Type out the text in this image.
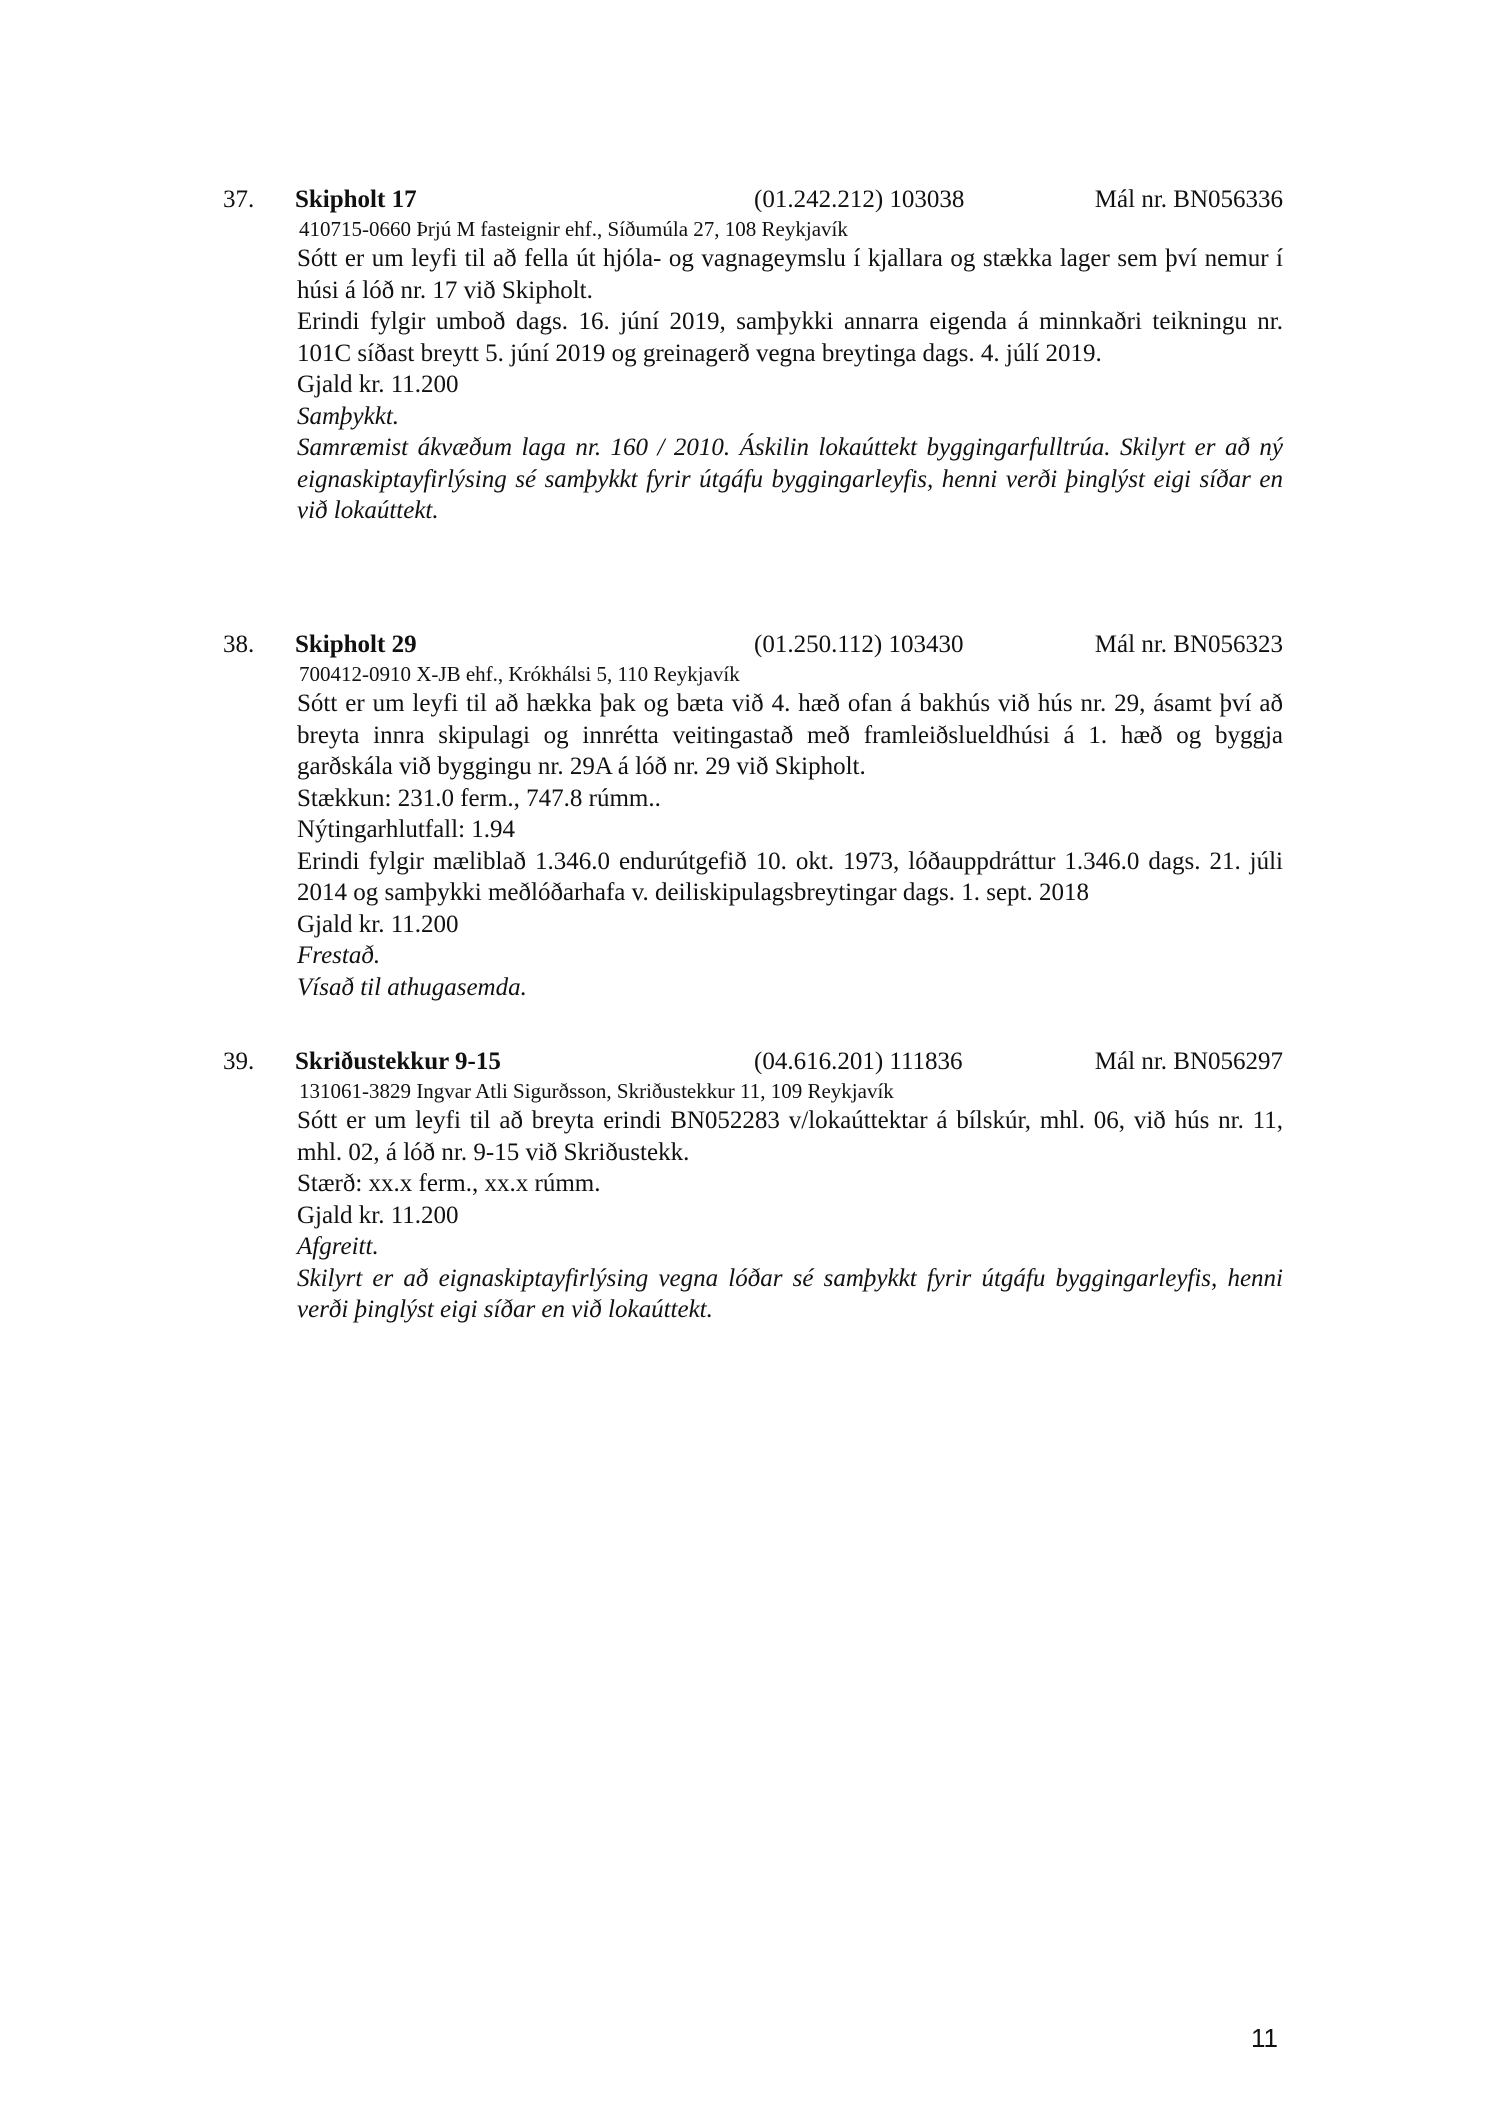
37. Skipholt 17	(01.242.212) 103038	Mál nr. BN056336
410715-0660 Þrjú M fasteignir ehf., Síðumúla 27, 108 Reykjavík
Sótt er um leyfi til að fella út hjóla- og vagnageymslu í kjallara og stækka lager sem því nemur í húsi á lóð nr. 17 við Skipholt.
Erindi fylgir umboð dags. 16. júní 2019, samþykki annarra eigenda á minnkaðri teikningu nr. 101C síðast breytt 5. júní 2019 og greinagerð vegna breytinga dags. 4. júlí 2019.
Gjald kr. 11.200
Samþykkt.
Samræmist ákvæðum laga nr. 160 / 2010. Áskilin lokaúttekt byggingarfulltrúa. Skilyrt er að ný eignaskiptayfirlýsing sé samþykkt fyrir útgáfu byggingarleyfis, henni verði þinglýst eigi síðar en við lokaúttekt.
38. Skipholt 29	(01.250.112) 103430	Mál nr. BN056323
700412-0910 X-JB ehf., Krókhálsi 5, 110 Reykjavík
Sótt er um leyfi til að hækka þak og bæta við 4. hæð ofan á bakhús við hús nr. 29, ásamt því að breyta innra skipulagi og innrétta veitingastað með framleiðslueldhúsi á 1. hæð og byggja garðskála við byggingu nr. 29A á lóð nr. 29 við Skipholt.
Stækkun: 231.0 ferm., 747.8 rúmm..
Nýtingarhlutfall: 1.94
Erindi fylgir mæliblað 1.346.0 endurútgefið 10. okt. 1973, lóðauppdráttur 1.346.0 dags. 21. júli 2014 og samþykki meðlóðarhafa v. deiliskipulagsbreytingar dags. 1. sept. 2018
Gjald kr. 11.200
Frestað.
Vísað til athugasemda.
39. Skriðustekkur 9-15	(04.616.201) 111836	Mál nr. BN056297
131061-3829 Ingvar Atli Sigurðsson, Skriðustekkur 11, 109 Reykjavík
Sótt er um leyfi til að breyta erindi BN052283 v/lokaúttektar á bílskúr, mhl. 06, við hús nr. 11, mhl. 02, á lóð nr. 9-15 við Skriðustekk.
Stærð: xx.x ferm., xx.x rúmm.
Gjald kr. 11.200
Afgreitt.
Skilyrt er að eignaskiptayfirlýsing vegna lóðar sé samþykkt fyrir útgáfu byggingarleyfis, henni verði þinglýst eigi síðar en við lokaúttekt.
11
